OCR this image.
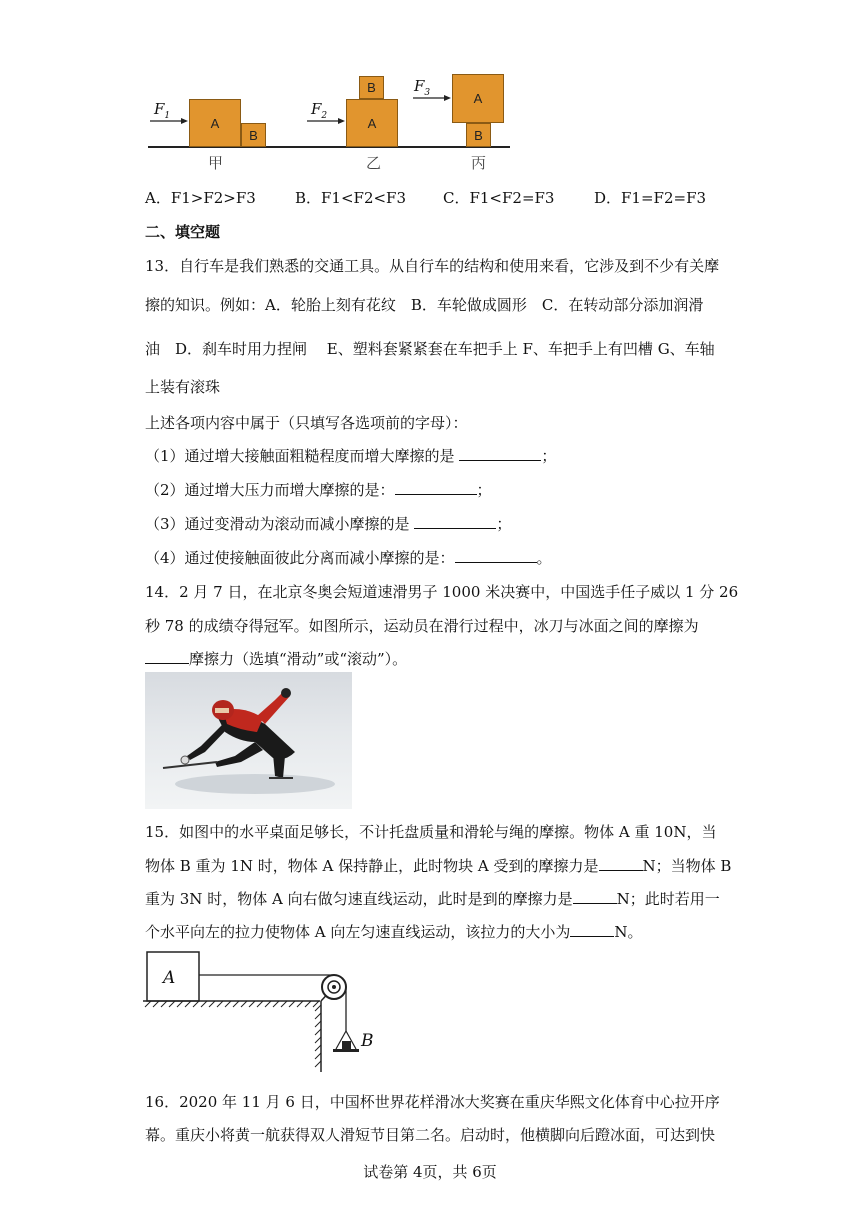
$F_1$	$F_2$
$F_3$
A
B
B
A
A
B
甲	乙	丙
A．F1>F2>F3	B．F1<F2<F3 C．F1<F2=F3	D．F1=F2=F3
二、填空题
13．自行车是我们熟悉的交通工具。从自行车的结构和使用来看，它涉及到不少有关摩
擦的知识。例如：A．轮胎上刻有花纹　B．车轮做成圆形　C．在转动部分添加润滑
油　D．刹车时用力捏闸　 E、塑料套紧紧套在车把手上 F、车把手上有凹槽 G、车轴
上装有滚珠
上述各项内容中属于（只填写各选项前的字母）：
（1）通过增大接触面粗糙程度而增大摩擦的是	；
（2）通过增大压力而增大摩擦的是：	；
（3）通过变滑动为滚动而减小摩擦的是	；
（4）通过使接触面彼此分离而减小摩擦的是：	。
14．2 月 7 日，在北京冬奥会短道速滑男子 1000 米决赛中，中国选手任子威以 1 分 26
秒 78 的成绩夺得冠军。如图所示，运动员在滑行过程中，冰刀与冰面之间的摩擦为
摩擦力（选填“滑动”或“滚动”）。
15．如图中的水平桌面足够长，不计托盘质量和滑轮与绳的摩擦。物体 A 重 10N，当
物体 B 重为 1N 时，物体 A 保持静止，此时物块 A 受到的摩擦力是	N；当物体 B
重为 3N 时，物体 A 向右做匀速直线运动，此时是到的摩擦力是	N；此时若用一
个水平向左的拉力使物体 A 向左匀速直线运动，该拉力的大小为	N。
A
B
16．2020 年 11 月 6 日，中国杯世界花样滑冰大奖赛在重庆华熙文化体育中心拉开序
幕。重庆小将黄一航获得双人滑短节目第二名。启动时，他横脚向后蹬冰面，可达到快
试卷第 4页，共 6页
